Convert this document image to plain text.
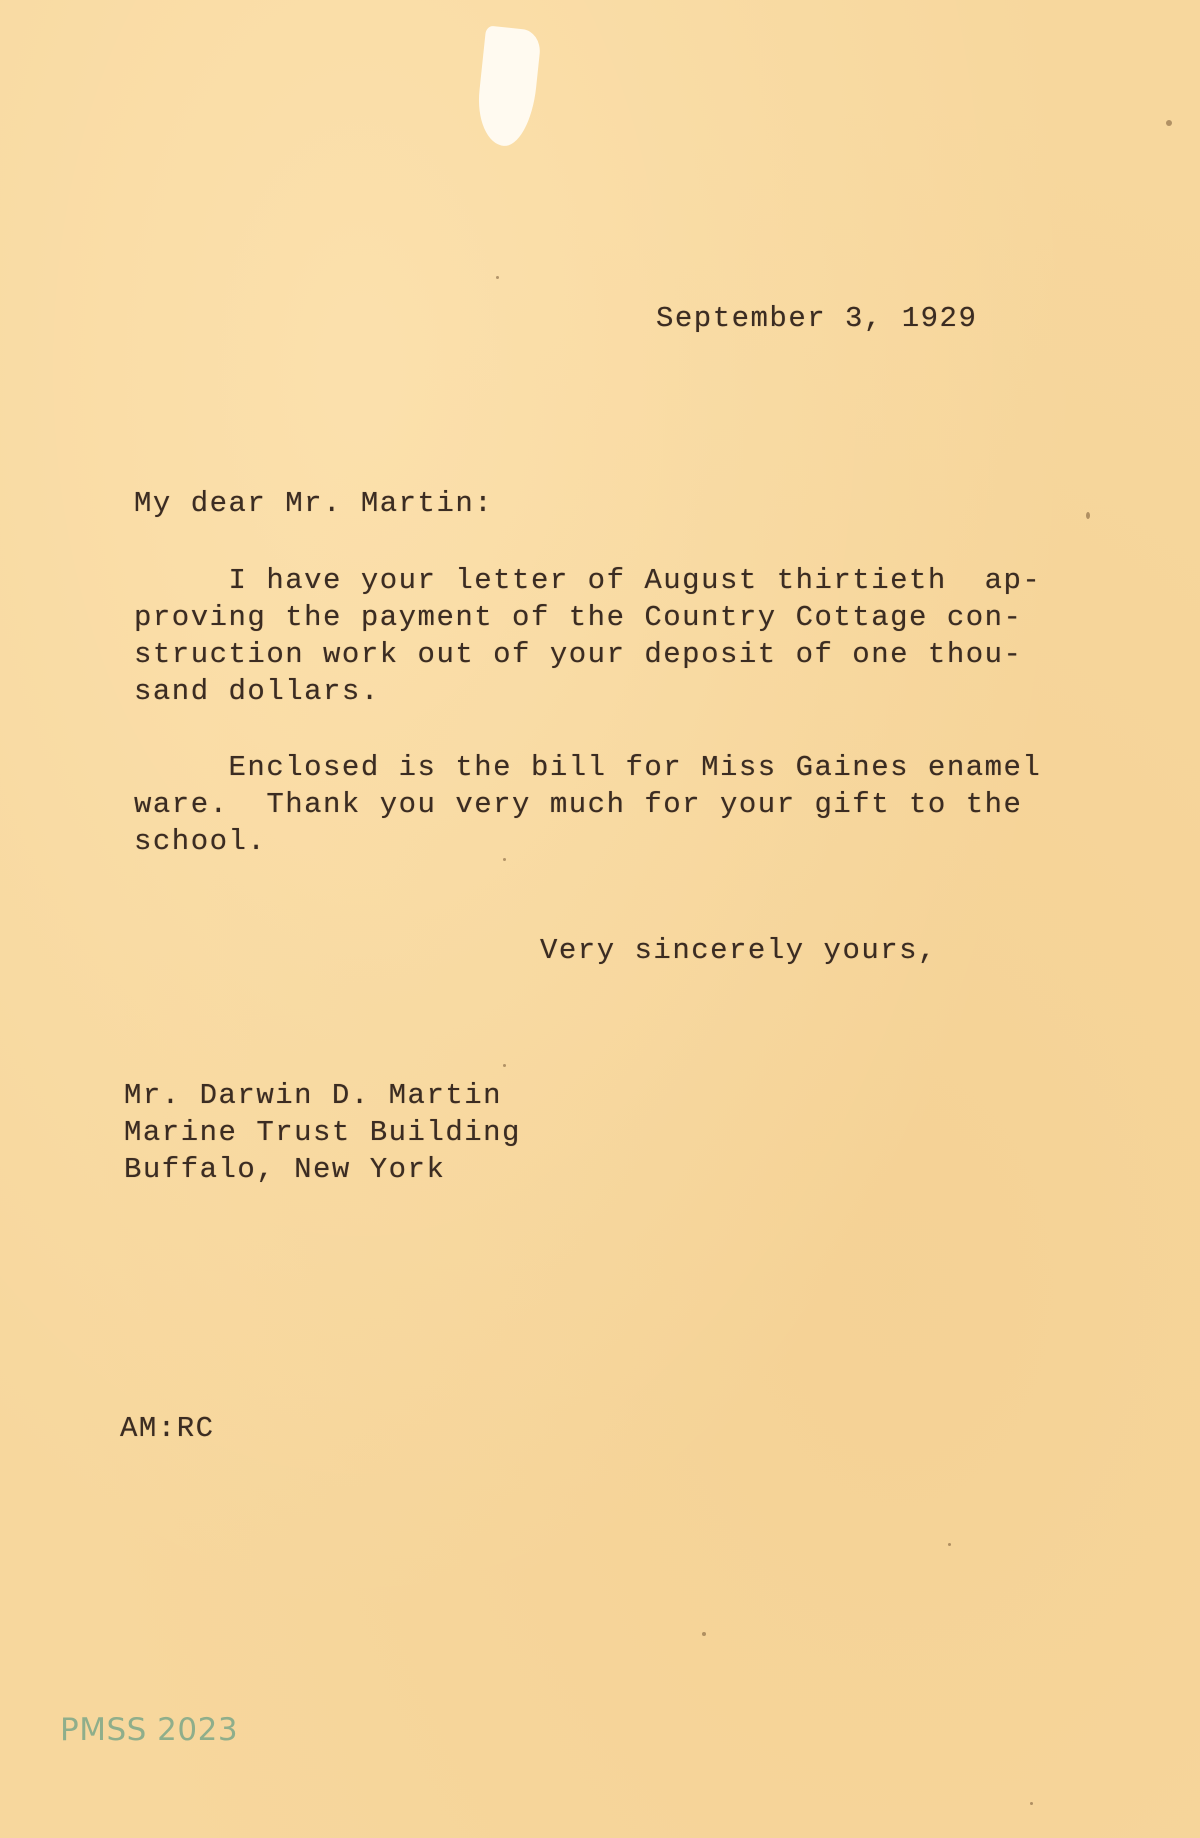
September 3, 1929

My dear Mr. Martin:

I have your letter of August thirtieth  ap-
proving the payment of the Country Cottage con-
struction work out of your deposit of one thou-
sand dollars.
Enclosed is the bill for Miss Gaines enamel
ware.  Thank you very much for your gift to the
school.

Very sincerely yours,

Mr. Darwin D. Martin
Marine Trust Building
Buffalo, New York

AM:RC

PMSS 2023
